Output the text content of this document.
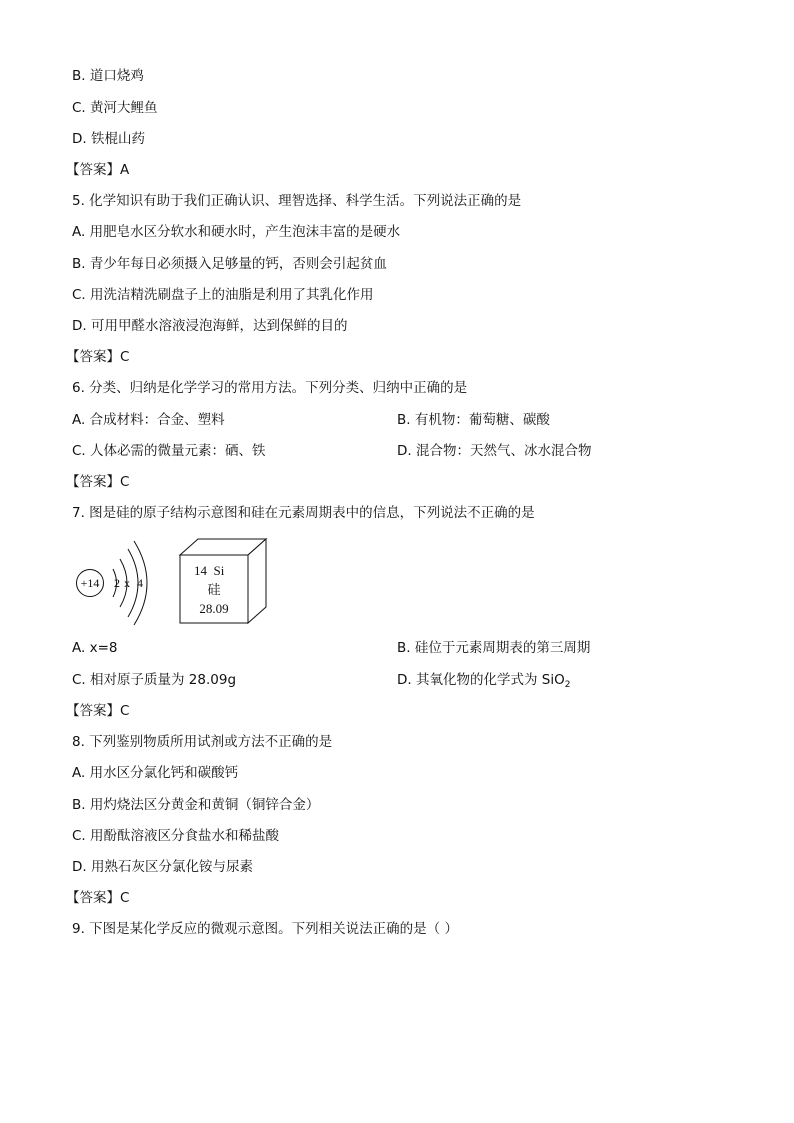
B. 道口烧鸡
C. 黄河大鲤鱼
D. 铁棍山药
【答案】A
5. 化学知识有助于我们正确认识、理智选择、科学生活。下列说法正确的是
A. 用肥皂水区分软水和硬水时，产生泡沫丰富的是硬水
B. 青少年每日必须摄入足够量的钙，否则会引起贫血
C. 用洗洁精洗刷盘子上的油脂是利用了其乳化作用
D. 可用甲醛水溶液浸泡海鲜，达到保鲜的目的
【答案】C
6. 分类、归纳是化学学习的常用方法。下列分类、归纳中正确的是
A. 合成材料：合金、塑料	B. 有机物：葡萄糖、碳酸
C. 人体必需的微量元素：硒、铁	D. 混合物：天然气、冰水混合物
【答案】C
7. 图是硅的原子结构示意图和硅在元素周期表中的信息，下列说法不正确的是
+14 2 x 4
14  Si
硅
28.09
A. x=8	B. 硅位于元素周期表的第三周期
C. 相对原子质量为 28.09g	D. 其氧化物的化学式为 SiO$_2$
【答案】C
8. 下列鉴别物质所用试剂或方法不正确的是
A. 用水区分氯化钙和碳酸钙
B. 用灼烧法区分黄金和黄铜（铜锌合金）
C. 用酚酞溶液区分食盐水和稀盐酸
D. 用熟石灰区分氯化铵与尿素
【答案】C
9. 下图是某化学反应的微观示意图。下列相关说法正确的是（ ）
